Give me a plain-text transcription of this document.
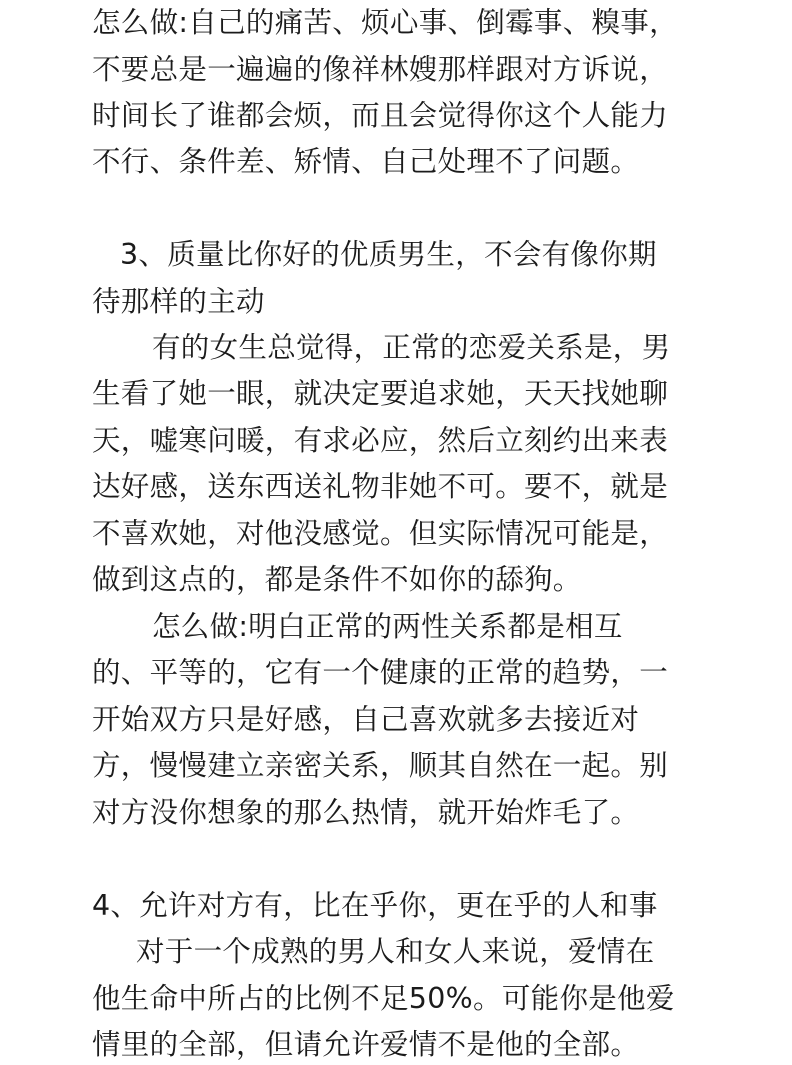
怎么做:自己的痛苦、烦心事、倒霉事、糗事，
不要总是一遍遍的像祥林嫂那样跟对方诉说，
时间长了谁都会烦，而且会觉得你这个人能力
不行、条件差、矫情、自己处理不了问题。
3、质量比你好的优质男生，不会有像你期
待那样的主动
有的女生总觉得，正常的恋爱关系是，男
生看了她一眼，就决定要追求她，天天找她聊
天，嘘寒问暖，有求必应，然后立刻约出来表
达好感，送东西送礼物非她不可。要不，就是
不喜欢她，对他没感觉。但实际情况可能是，
做到这点的，都是条件不如你的舔狗。
怎么做:明白正常的两性关系都是相互
的、平等的，它有一个健康的正常的趋势，一
开始双方只是好感，自己喜欢就多去接近对
方，慢慢建立亲密关系，顺其自然在一起。别
对方没你想象的那么热情，就开始炸毛了。
4、允许对方有，比在乎你，更在乎的人和事
对于一个成熟的男人和女人来说，爱情在
他生命中所占的比例不足50%。可能你是他爱
情里的全部，但请允许爱情不是他的全部。
